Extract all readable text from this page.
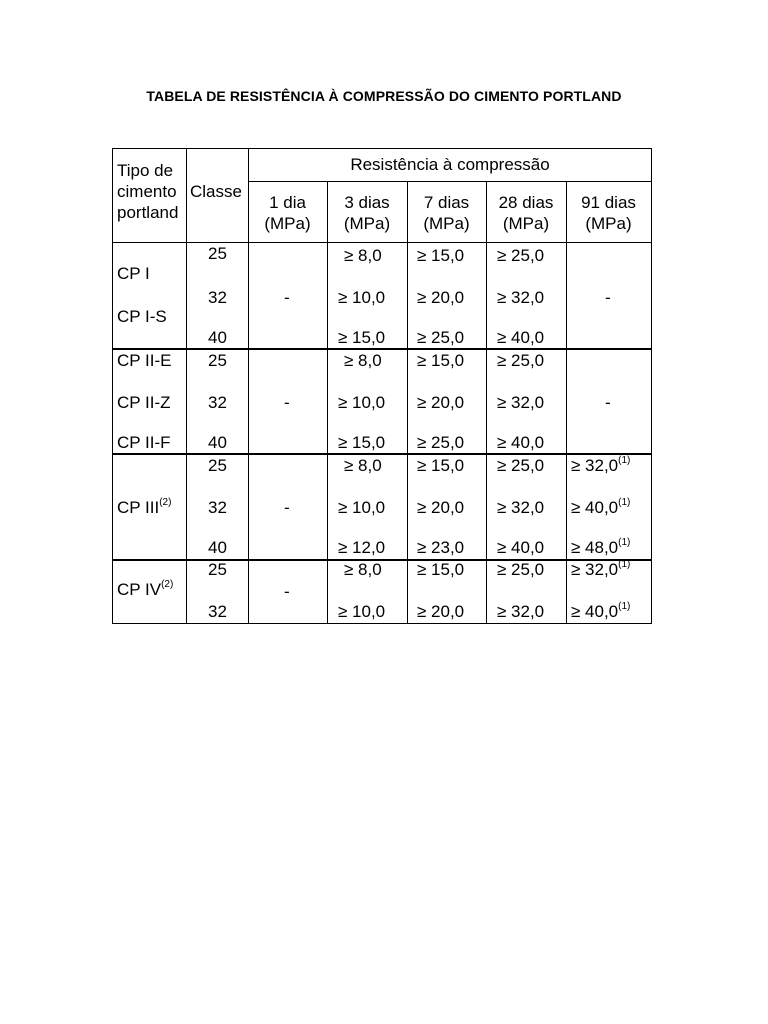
TABELA DE RESISTÊNCIA À COMPRESSÃO DO CIMENTO PORTLAND
Tipo de
cimento
portland
Classe
Resistência à compressão
1 dia
(MPa)
3 dias
(MPa)
7 dias
(MPa)
28 dias
(MPa)
91 dias
(MPa)
CP I
CP I-S
25
32
40
-
≥ 8,0
≥ 10,0
≥ 15,0
≥ 15,0
≥ 20,0
≥ 25,0
≥ 25,0
≥ 32,0
≥ 40,0
-
CP II-E
CP II-Z
CP II-F
25
32
40
-
≥ 8,0
≥ 10,0
≥ 15,0
≥ 15,0
≥ 20,0
≥ 25,0
≥ 25,0
≥ 32,0
≥ 40,0
-
CP III$^{(2)}$
25
32
40
-
≥ 8,0
≥ 10,0
≥ 12,0
≥ 15,0
≥ 20,0
≥ 23,0
≥ 25,0
≥ 32,0
≥ 40,0
≥ $32,0^{(1)}$
≥ $40,0^{(1)}$
≥ $48,0^{(1)}$
CP IV$^{(2)}$
25
32
-
≥ 8,0
≥ 10,0
≥ 15,0
≥ 20,0
≥ 25,0
≥ 32,0
≥ $32,0^{(1)}$
≥ $40,0^{(1)}$
